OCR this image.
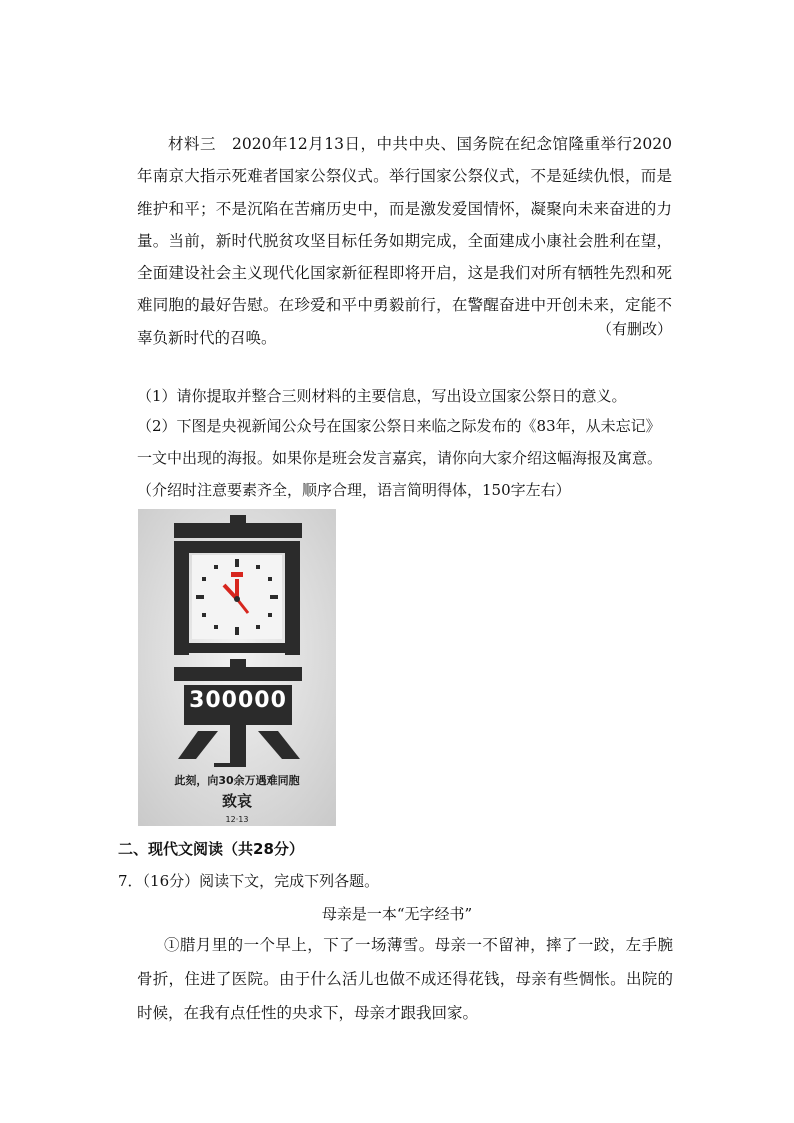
材料三　2020年12月13日，中共中央、国务院在纪念馆隆重举行2020年南京大指示死难者国家公祭仪式。举行国家公祭仪式，不是延续仇恨，而是维护和平；不是沉陷在苦痛历史中，而是激发爱国情怀，凝聚向未来奋进的力量。当前，新时代脱贫攻坚目标任务如期完成，全面建成小康社会胜利在望，全面建设社会主义现代化国家新征程即将开启，这是我们对所有牺牲先烈和死难同胞的最好告慰。在珍爱和平中勇毅前行，在警醒奋进中开创未来，定能不辜负新时代的召唤。	（有删改）

（1）请你提取并整合三则材料的主要信息，写出设立国家公祭日的意义。

（2）下图是央视新闻公众号在国家公祭日来临之际发布的《83年，从未忘记》一文中出现的海报。如果你是班会发言嘉宾，请你向大家介绍这幅海报及寓意。（介绍时注意要素齐全，顺序合理，语言简明得体，150字左右）

300000
此刻，向30余万遇难同胞
致哀
12·13

二、现代文阅读（共28分）

7．（16分）阅读下文，完成下列各题。

母亲是一本“无字经书”

①腊月里的一个早上，下了一场薄雪。母亲一不留神，摔了一跤，左手腕骨折，住进了医院。由于什么活儿也做不成还得花钱，母亲有些惆怅。出院的时候，在我有点任性的央求下，母亲才跟我回家。
